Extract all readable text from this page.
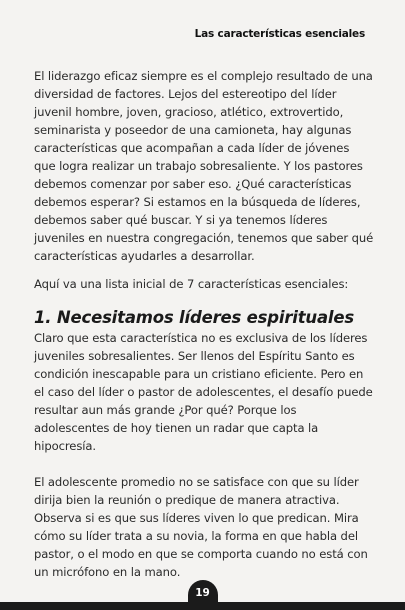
Las características esenciales

El liderazgo eficaz siempre es el complejo resultado de una diversidad de factores. Lejos del estereotipo del líder juvenil hombre, joven, gracioso, atlético, extrovertido, seminarista y poseedor de una camioneta, hay algunas características que acompañan a cada líder de jóvenes que logra realizar un trabajo sobresaliente. Y los pastores debemos comenzar por saber eso. ¿Qué características debemos esperar? Si estamos en la búsqueda de líderes, debemos saber qué buscar. Y si ya tenemos líderes juveniles en nuestra congregación, tenemos que saber qué características ayudarles a desarrollar.

Aquí va una lista inicial de 7 características esenciales:

1. Necesitamos líderes espirituales

Claro que esta característica no es exclusiva de los líderes juveniles sobresalientes. Ser llenos del Espíritu Santo es condición inescapable para un cristiano eficiente. Pero en el caso del líder o pastor de adolescentes, el desafío puede resultar aun más grande ¿Por qué? Porque los adolescentes de hoy tienen un radar que capta la hipocresía.

El adolescente promedio no se satisface con que su líder dirija bien la reunión o predique de manera atractiva. Observa si es que sus líderes viven lo que predican. Mira cómo su líder trata a su novia, la forma en que habla del pastor, o el modo en que se comporta cuando no está con un micrófono en la mano.

19
